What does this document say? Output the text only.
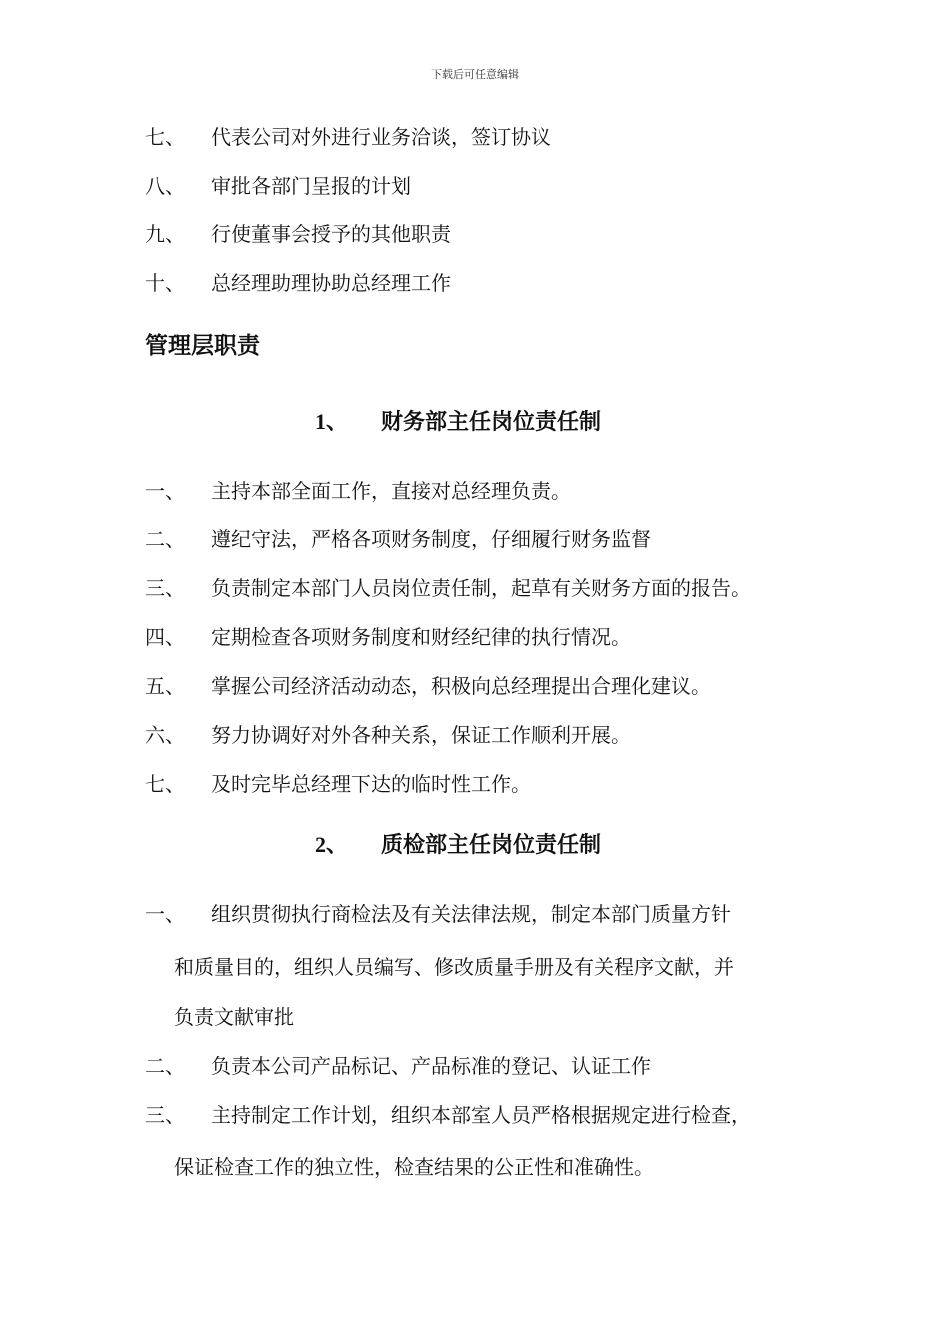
下载后可任意编辑
七、 代表公司对外进行业务洽谈，签订协议
八、 审批各部门呈报的计划
九、 行使董事会授予的其他职责
十、 总经理助理协助总经理工作
管理层职责
1、 财务部主任岗位责任制
一、 主持本部全面工作，直接对总经理负责。
二、 遵纪守法，严格各项财务制度，仔细履行财务监督
三、 负责制定本部门人员岗位责任制，起草有关财务方面的报告。
四、 定期检查各项财务制度和财经纪律的执行情况。
五、 掌握公司经济活动动态，积极向总经理提出合理化建议。
六、 努力协调好对外各种关系，保证工作顺利开展。
七、 及时完毕总经理下达的临时性工作。
2、 质检部主任岗位责任制
一、 组织贯彻执行商检法及有关法律法规，制定本部门质量方针
和质量目的，组织人员编写、修改质量手册及有关程序文献，并
负责文献审批
二、 负责本公司产品标记、产品标准的登记、认证工作
三、 主持制定工作计划，组织本部室人员严格根据规定进行检查，
保证检查工作的独立性，检查结果的公正性和准确性。
